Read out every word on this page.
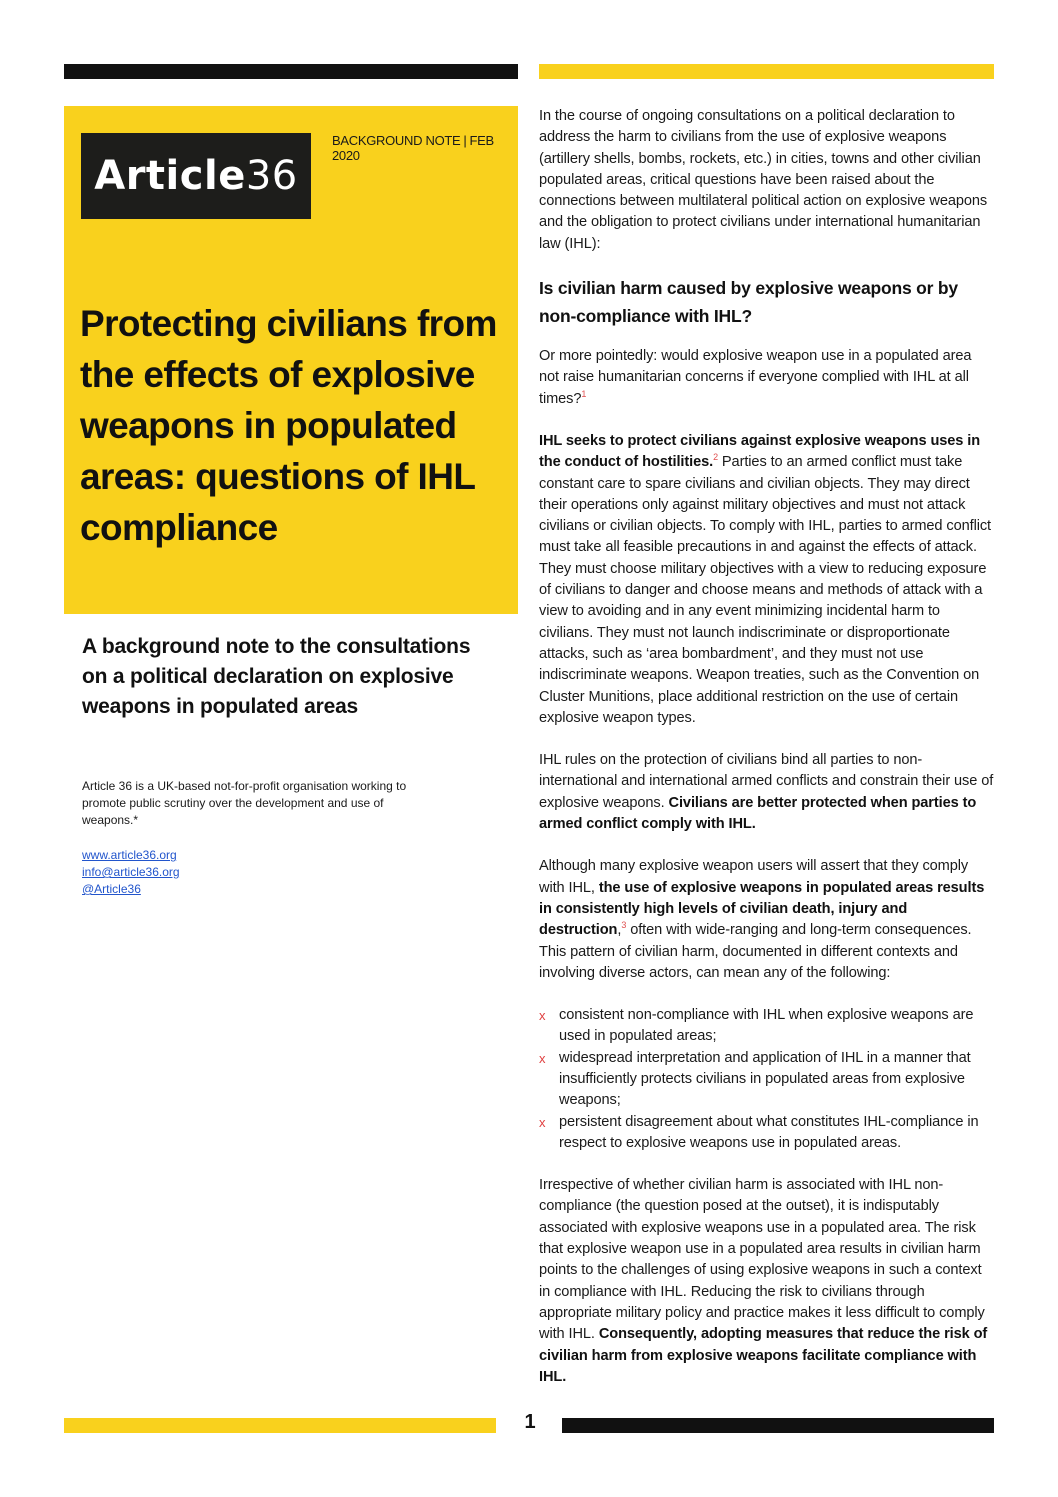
Article 36
BACKGROUND NOTE | FEB 2020
Protecting civilians from the effects of explosive weapons in populated areas: questions of IHL compliance
A background note to the consultations on a political declaration on explosive weapons in populated areas

Article 36 is a UK-based not-for-profit organisation working to promote public scrutiny over the development and use of weapons.*

www.article36.org
info@article36.org
@Article36

In the course of ongoing consultations on a political declaration to address the harm to civilians from the use of explosive weapons (artillery shells, bombs, rockets, etc.) in cities, towns and other civilian populated areas, critical questions have been raised about the connections between multilateral political action on explosive weapons and the obligation to protect civilians under international humanitarian law (IHL):

Is civilian harm caused by explosive weapons or by non-compliance with IHL?

Or more pointedly: would explosive weapon use in a populated area not raise humanitarian concerns if everyone complied with IHL at all times?$^1$

IHL seeks to protect civilians against explosive weapons uses in the conduct of hostilities.$^2$ Parties to an armed conflict must take constant care to spare civilians and civilian objects. They may direct their operations only against military objectives and must not attack civilians or civilian objects. To comply with IHL, parties to armed conflict must take all feasible precautions in and against the effects of attack. They must choose military objectives with a view to reducing exposure of civilians to danger and choose means and methods of attack with a view to avoiding and in any event minimizing incidental harm to civilians. They must not launch indiscriminate or disproportionate attacks, such as ‘area bombardment’, and they must not use indiscriminate weapons. Weapon treaties, such as the Convention on Cluster Munitions, place additional restriction on the use of certain explosive weapon types.

IHL rules on the protection of civilians bind all parties to non-international and international armed conflicts and constrain their use of explosive weapons. Civilians are better protected when parties to armed conflict comply with IHL.

Although many explosive weapon users will assert that they comply with IHL, the use of explosive weapons in populated areas results in consistently high levels of civilian death, injury and destruction,$^3$ often with wide-ranging and long-term consequences. This pattern of civilian harm, documented in different contexts and involving diverse actors, can mean any of the following:

x consistent non-compliance with IHL when explosive weapons are used in populated areas;
x widespread interpretation and application of IHL in a manner that insufficiently protects civilians in populated areas from explosive weapons;
x persistent disagreement about what constitutes IHL-compliance in respect to explosive weapons use in populated areas.

Irrespective of whether civilian harm is associated with IHL non-compliance (the question posed at the outset), it is indisputably associated with explosive weapons use in a populated area. The risk that explosive weapon use in a populated area results in civilian harm points to the challenges of using explosive weapons in such a context in compliance with IHL. Reducing the risk to civilians through appropriate military policy and practice makes it less difficult to comply with IHL. Consequently, adopting measures that reduce the risk of civilian harm from explosive weapons facilitate compliance with IHL.

1
